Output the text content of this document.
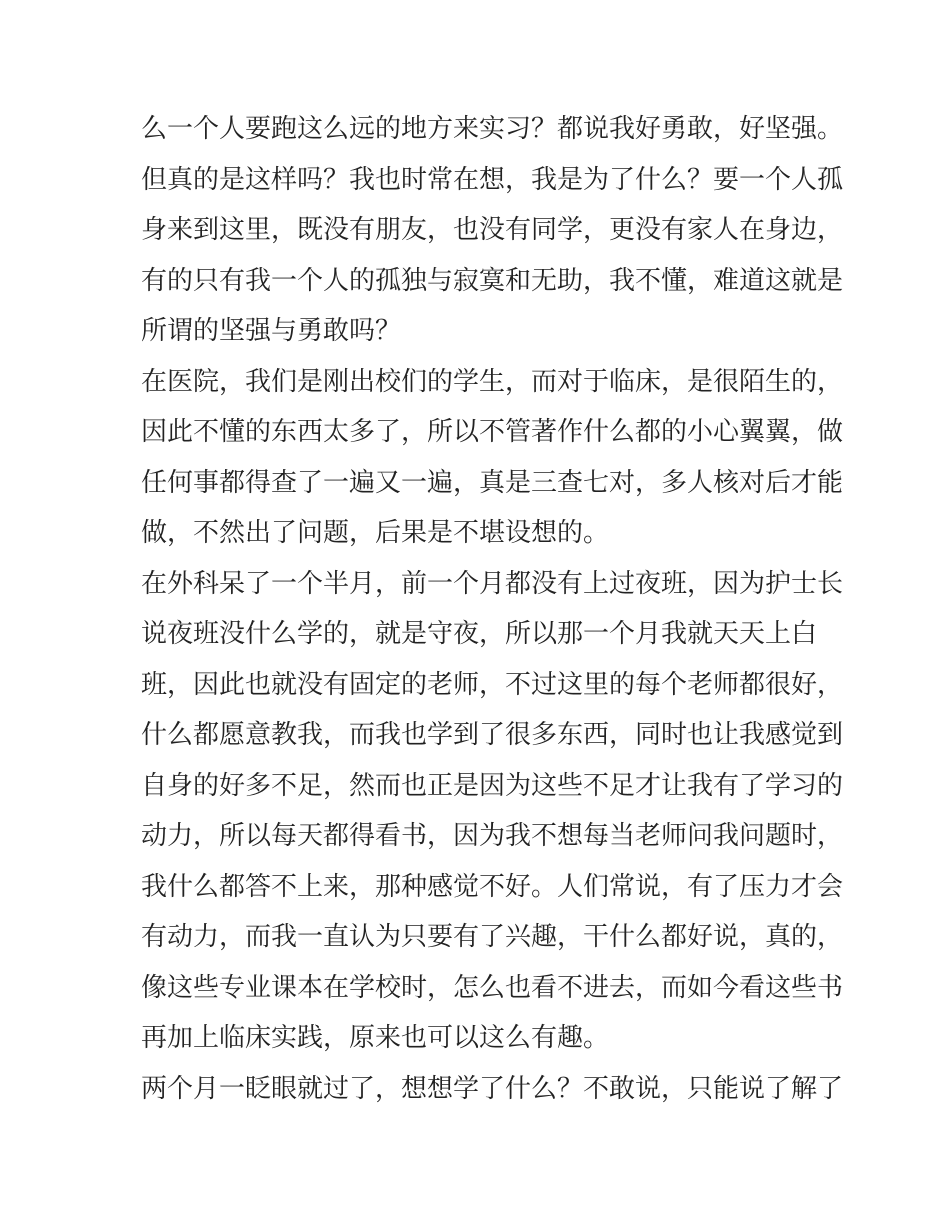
么一个人要跑这么远的地方来实习？都说我好勇敢，好坚强。
但真的是这样吗？我也时常在想，我是为了什么？要一个人孤
身来到这里，既没有朋友，也没有同学，更没有家人在身边，
有的只有我一个人的孤独与寂寞和无助，我不懂，难道这就是
所谓的坚强与勇敢吗？
在医院，我们是刚出校们的学生，而对于临床，是很陌生的，
因此不懂的东西太多了，所以不管著作什么都的小心翼翼，做
任何事都得查了一遍又一遍，真是三查七对，多人核对后才能
做，不然出了问题，后果是不堪设想的。
在外科呆了一个半月，前一个月都没有上过夜班，因为护士长
说夜班没什么学的，就是守夜，所以那一个月我就天天上白
班，因此也就没有固定的老师，不过这里的每个老师都很好，
什么都愿意教我，而我也学到了很多东西，同时也让我感觉到
自身的好多不足，然而也正是因为这些不足才让我有了学习的
动力，所以每天都得看书，因为我不想每当老师问我问题时，
我什么都答不上来，那种感觉不好。人们常说，有了压力才会
有动力，而我一直认为只要有了兴趣，干什么都好说，真的，
像这些专业课本在学校时，怎么也看不进去，而如今看这些书
再加上临床实践，原来也可以这么有趣。
两个月一眨眼就过了，想想学了什么？不敢说，只能说了解了
